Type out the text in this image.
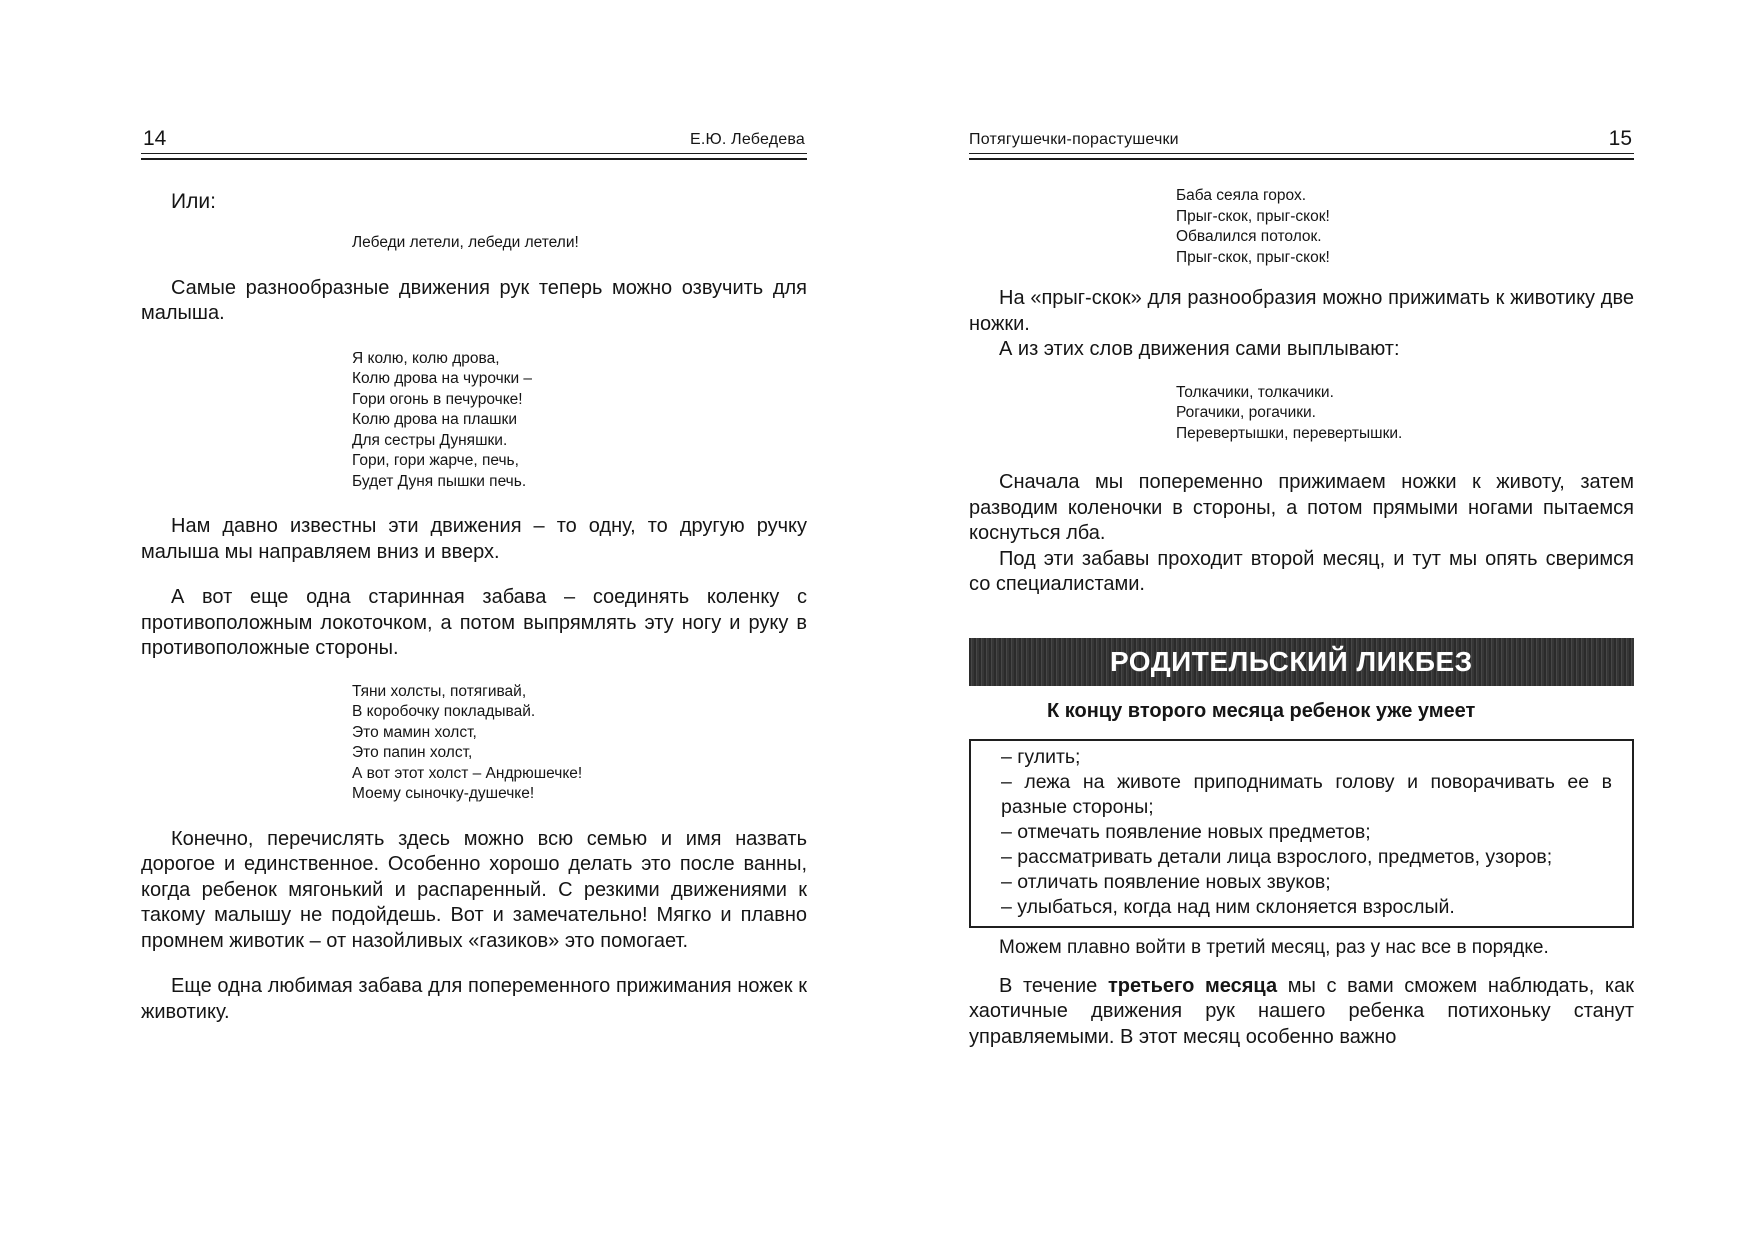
14	Е.Ю. Лебедева

Или:

Лебеди летели, лебеди летели!

Самые разнообразные движения рук теперь можно озвучить для малыша.

Я колю, колю дрова,
Колю дрова на чурочки –
Гори огонь в печурочке!
Колю дрова на плашки
Для сестры Дуняшки.
Гори, гори жарче, печь,
Будет Дуня пышки печь.

Нам давно известны эти движения – то одну, то другую ручку малыша мы направляем вниз и вверх.

А вот еще одна старинная забава – соединять коленку с противоположным локоточком, а потом выпрямлять эту ногу и руку в противоположные стороны.

Тяни холсты, потягивай,
В коробочку покладывай.
Это мамин холст,
Это папин холст,
А вот этот холст – Андрюшечке!
Моему сыночку-душечке!

Конечно, перечислять здесь можно всю семью и имя назвать дорогое и единственное. Особенно хорошо делать это после ванны, когда ребенок мягонький и распаренный. С резкими движениями к такому малышу не подойдешь. Вот и замечательно! Мягко и плавно промнем животик – от назойливых «газиков» это помогает.

Еще одна любимая забава для попеременного прижимания ножек к животику.

Потягушечки-порастушечки	15
Баба сеяла горох.
Прыг-скок, прыг-скок!
Обвалился потолок.
Прыг-скок, прыг-скок!

На «прыг-скок» для разнообразия можно прижимать к животику две ножки.

А из этих слов движения сами выплывают:

Толкачики, толкачики.
Рогачики, рогачики.
Перевертышки, перевертышки.

Сначала мы попеременно прижимаем ножки к животу, затем разводим коленочки в стороны, а потом прямыми ногами пытаемся коснуться лба.

Под эти забавы проходит второй месяц, и тут мы опять сверимся со специалистами.

РОДИТЕЛЬСКИЙ ЛИКБЕЗ
К концу второго месяца ребенок уже умеет

– гулить;

– лежа на животе приподнимать голову и поворачивать ее в разные стороны;

– отмечать появление новых предметов;

– рассматривать детали лица взрослого, предметов, узоров;

– отличать появление новых звуков;

– улыбаться, когда над ним склоняется взрослый.

Можем плавно войти в третий месяц, раз у нас все в порядке.

В течение третьего месяца мы с вами сможем наблюдать, как хаотичные движения рук нашего ребенка потихоньку станут управляемыми. В этот месяц особенно важно
